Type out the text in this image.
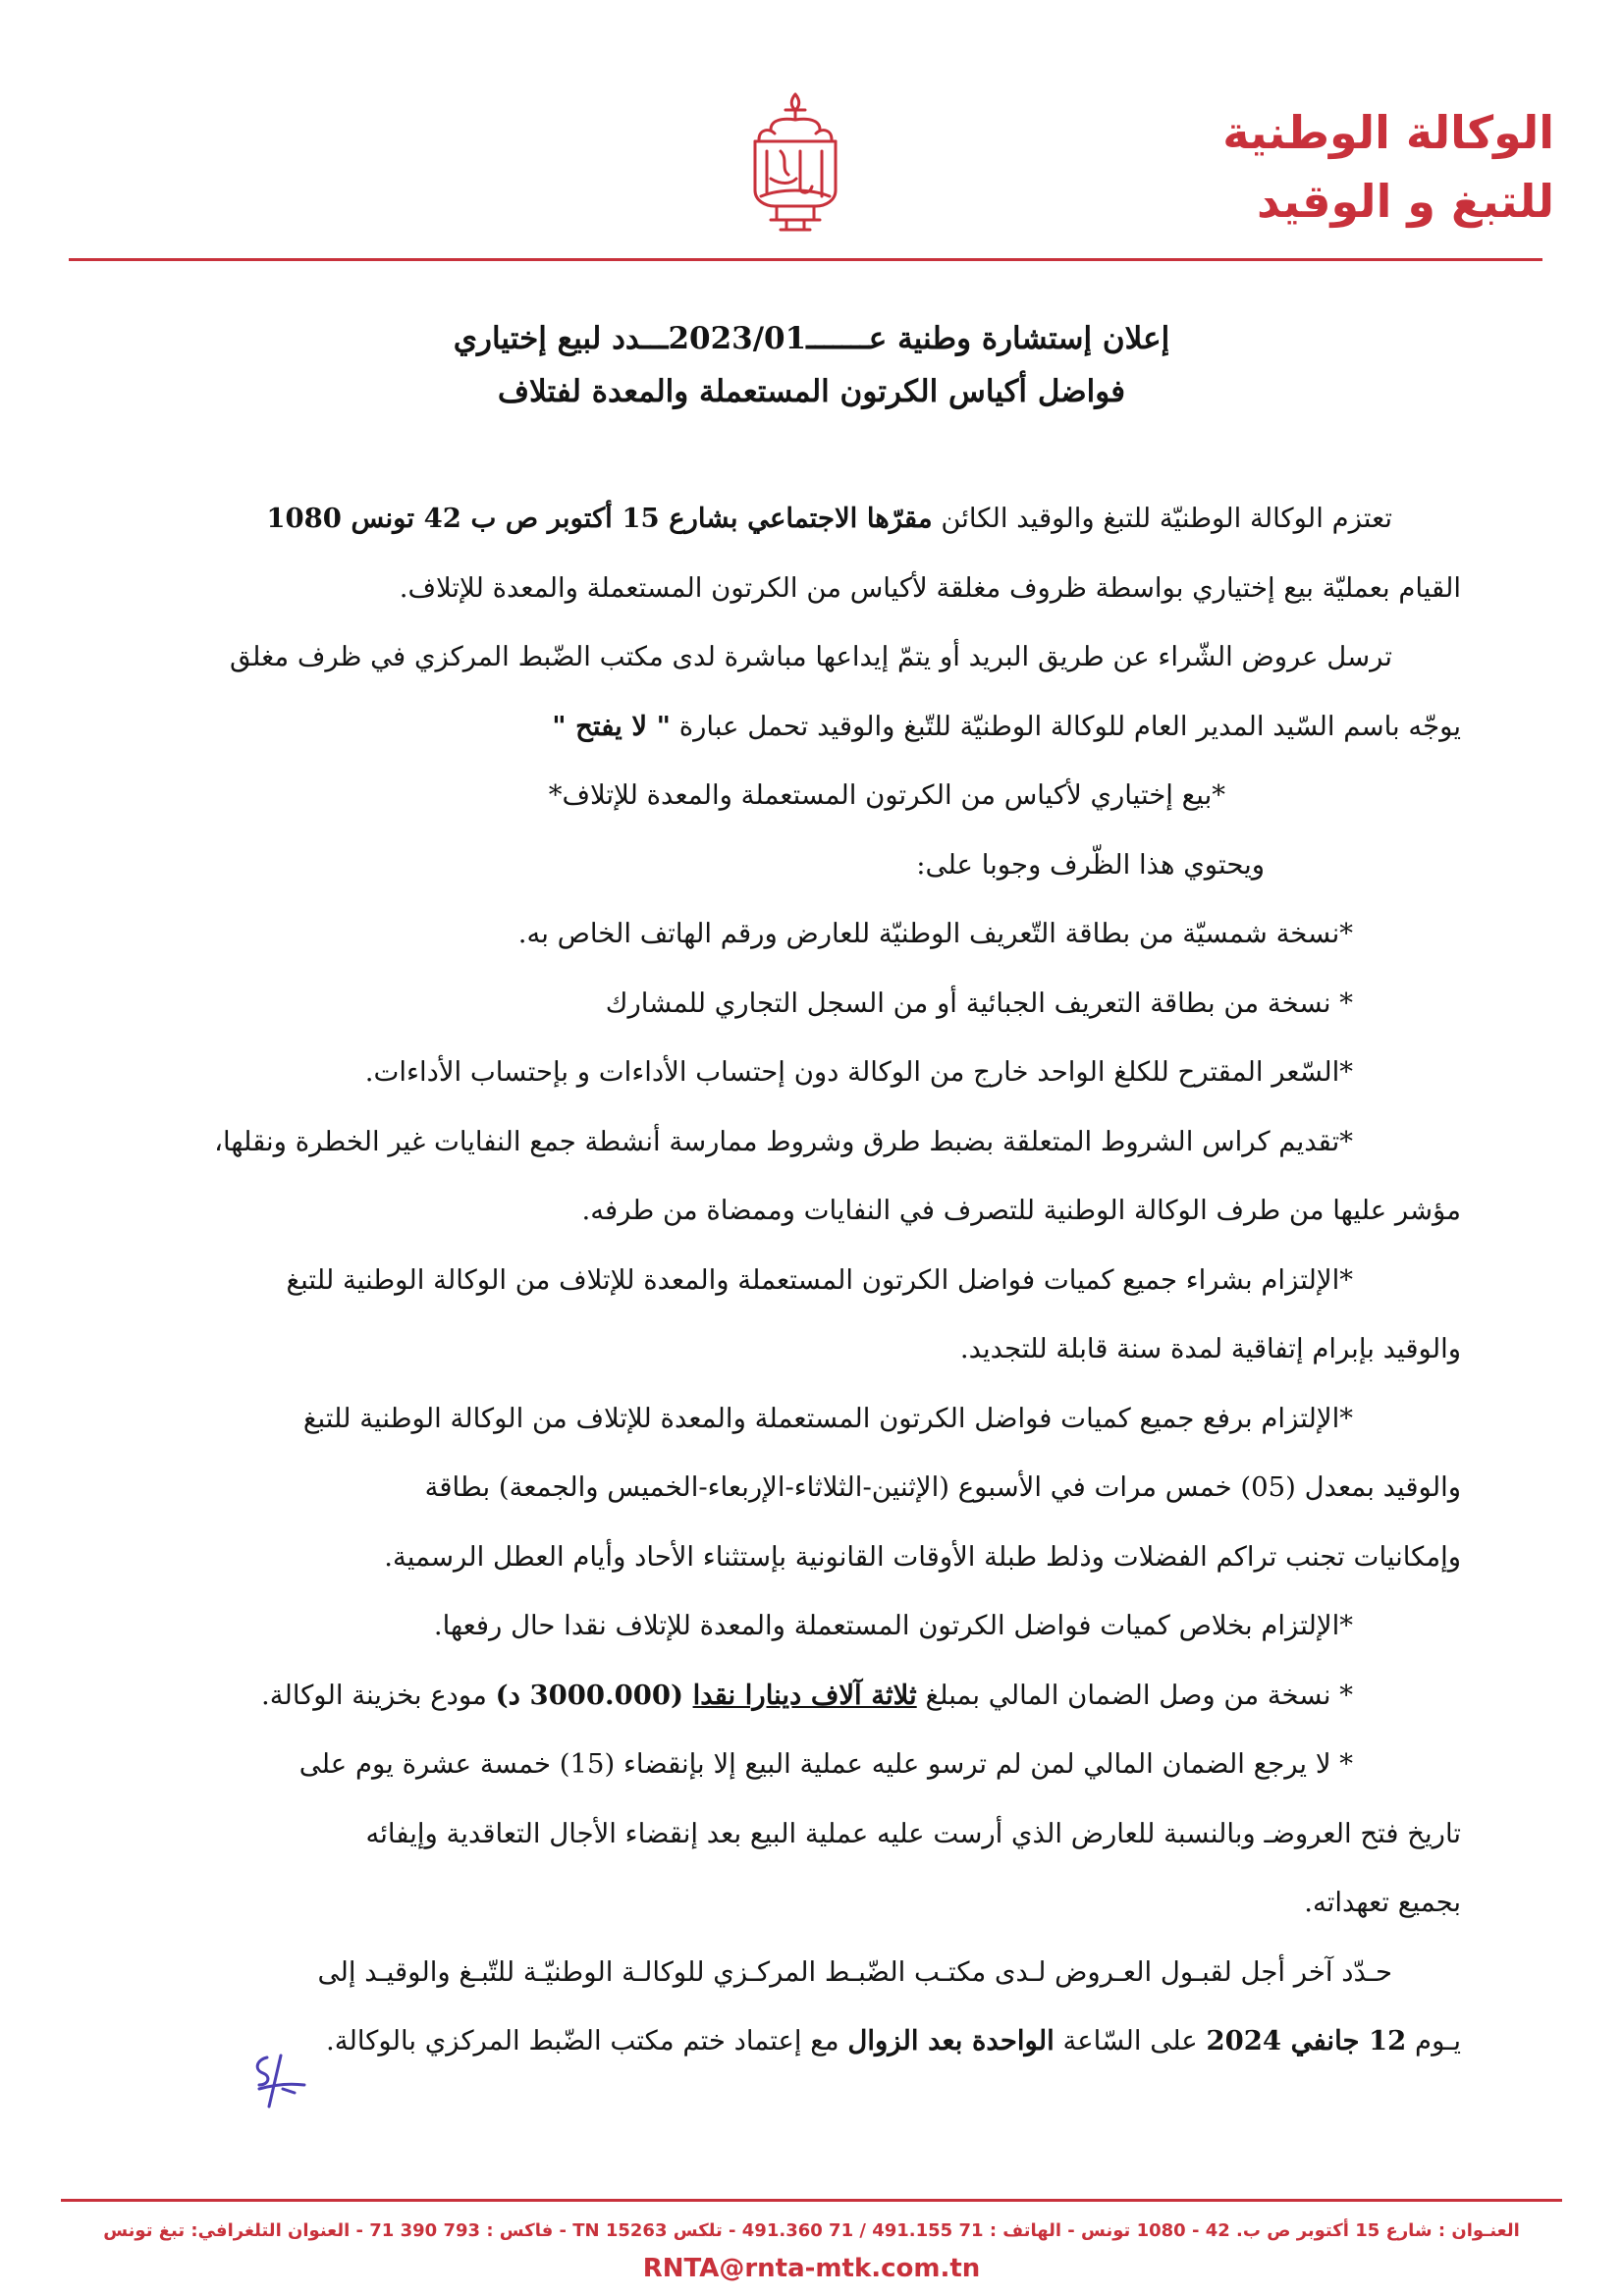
الوكالة الوطنية
للتبغ و الوقيد
إعلان إستشارة وطنية عـــــــ2023/01ـــدد لبيع إختياري
فواضل أكياس الكرتون المستعملة والمعدة لفتلاف
تعتزم الوكالة الوطنيّة للتبغ والوقيد الكائن مقرّها الاجتماعي بشارع 15 أكتوبر ص ب 42 تونس 1080
القيام بعمليّة بيع إختياري بواسطة ظروف مغلقة لأكياس من الكرتون المستعملة والمعدة للإتلاف.
ترسل عروض الشّراء عن طريق البريد أو يتمّ إيداعها مباشرة لدى مكتب الضّبط المركزي في ظرف مغلق
يوجّه باسم السّيد المدير العام للوكالة الوطنيّة للتّبغ والوقيد تحمل عبارة " لا يفتح "
*بيع إختياري لأكياس من الكرتون المستعملة والمعدة للإتلاف*
ويحتوي هذا الظّرف وجوبا على:
*نسخة شمسيّة من بطاقة التّعريف الوطنيّة للعارض ورقم الهاتف الخاص به.
* نسخة من بطاقة التعريف الجبائية أو من السجل التجاري للمشارك
*السّعر المقترح للكلغ الواحد خارج من الوكالة دون إحتساب الأداءات و بإحتساب الأداءات.
*تقديم كراس الشروط المتعلقة بضبط طرق وشروط ممارسة أنشطة جمع النفايات غير الخطرة ونقلها،
مؤشر عليها من طرف الوكالة الوطنية للتصرف في النفايات وممضاة من طرفه.
*الإلتزام بشراء جميع كميات فواضل الكرتون المستعملة والمعدة للإتلاف من الوكالة الوطنية للتبغ
والوقيد بإبرام إتفاقية لمدة سنة قابلة للتجديد.
*الإلتزام برفع جميع كميات فواضل الكرتون المستعملة والمعدة للإتلاف من الوكالة الوطنية للتبغ
والوقيد بمعدل (05) خمس مرات في الأسبوع (الإثنين-الثلاثاء-الإربعاء-الخميس والجمعة) بطاقة
وإمكانيات تجنب تراكم الفضلات وذلط طبلة الأوقات القانونية بإستثناء الأحاد وأيام العطل الرسمية.
*الإلتزام بخلاص كميات فواضل الكرتون المستعملة والمعدة للإتلاف نقدا حال رفعها.
* نسخة من وصل الضمان المالي بمبلغ ثلاثة آلاف دينارا نقدا (3000.000 د) مودع بخزينة الوكالة.
* لا يرجع الضمان المالي لمن لم ترسو عليه عملية البيع إلا بإنقضاء (15) خمسة عشرة يوم على
تاريخ فتح العروضـ وبالنسبة للعارض الذي أرست عليه عملية البيع بعد إنقضاء الأجال التعاقدية وإيفائه
بجميع تعهداته.
حـدّد آخر أجل لقبـول العـروض لـدى مكتـب الضّبـط المركـزي للوكالـة الوطنيّـة للتّبـغ والوقيـد إلى
يـوم 12 جانفي 2024 على السّاعة الواحدة بعد الزوال مع إعتماد ختم مكتب الضّبط المركزي بالوكالة.
العنـوان : شارع 15 أكتوبر ص ب. 42 - 1080 تونس - الهاتف : 71 491.155 / 71 491.360 - تلكس TN 15263 - فاكس : 793 390 71 - العنوان التلغرافي: تبغ تونس
RNTA@rnta-mtk.com.tn
